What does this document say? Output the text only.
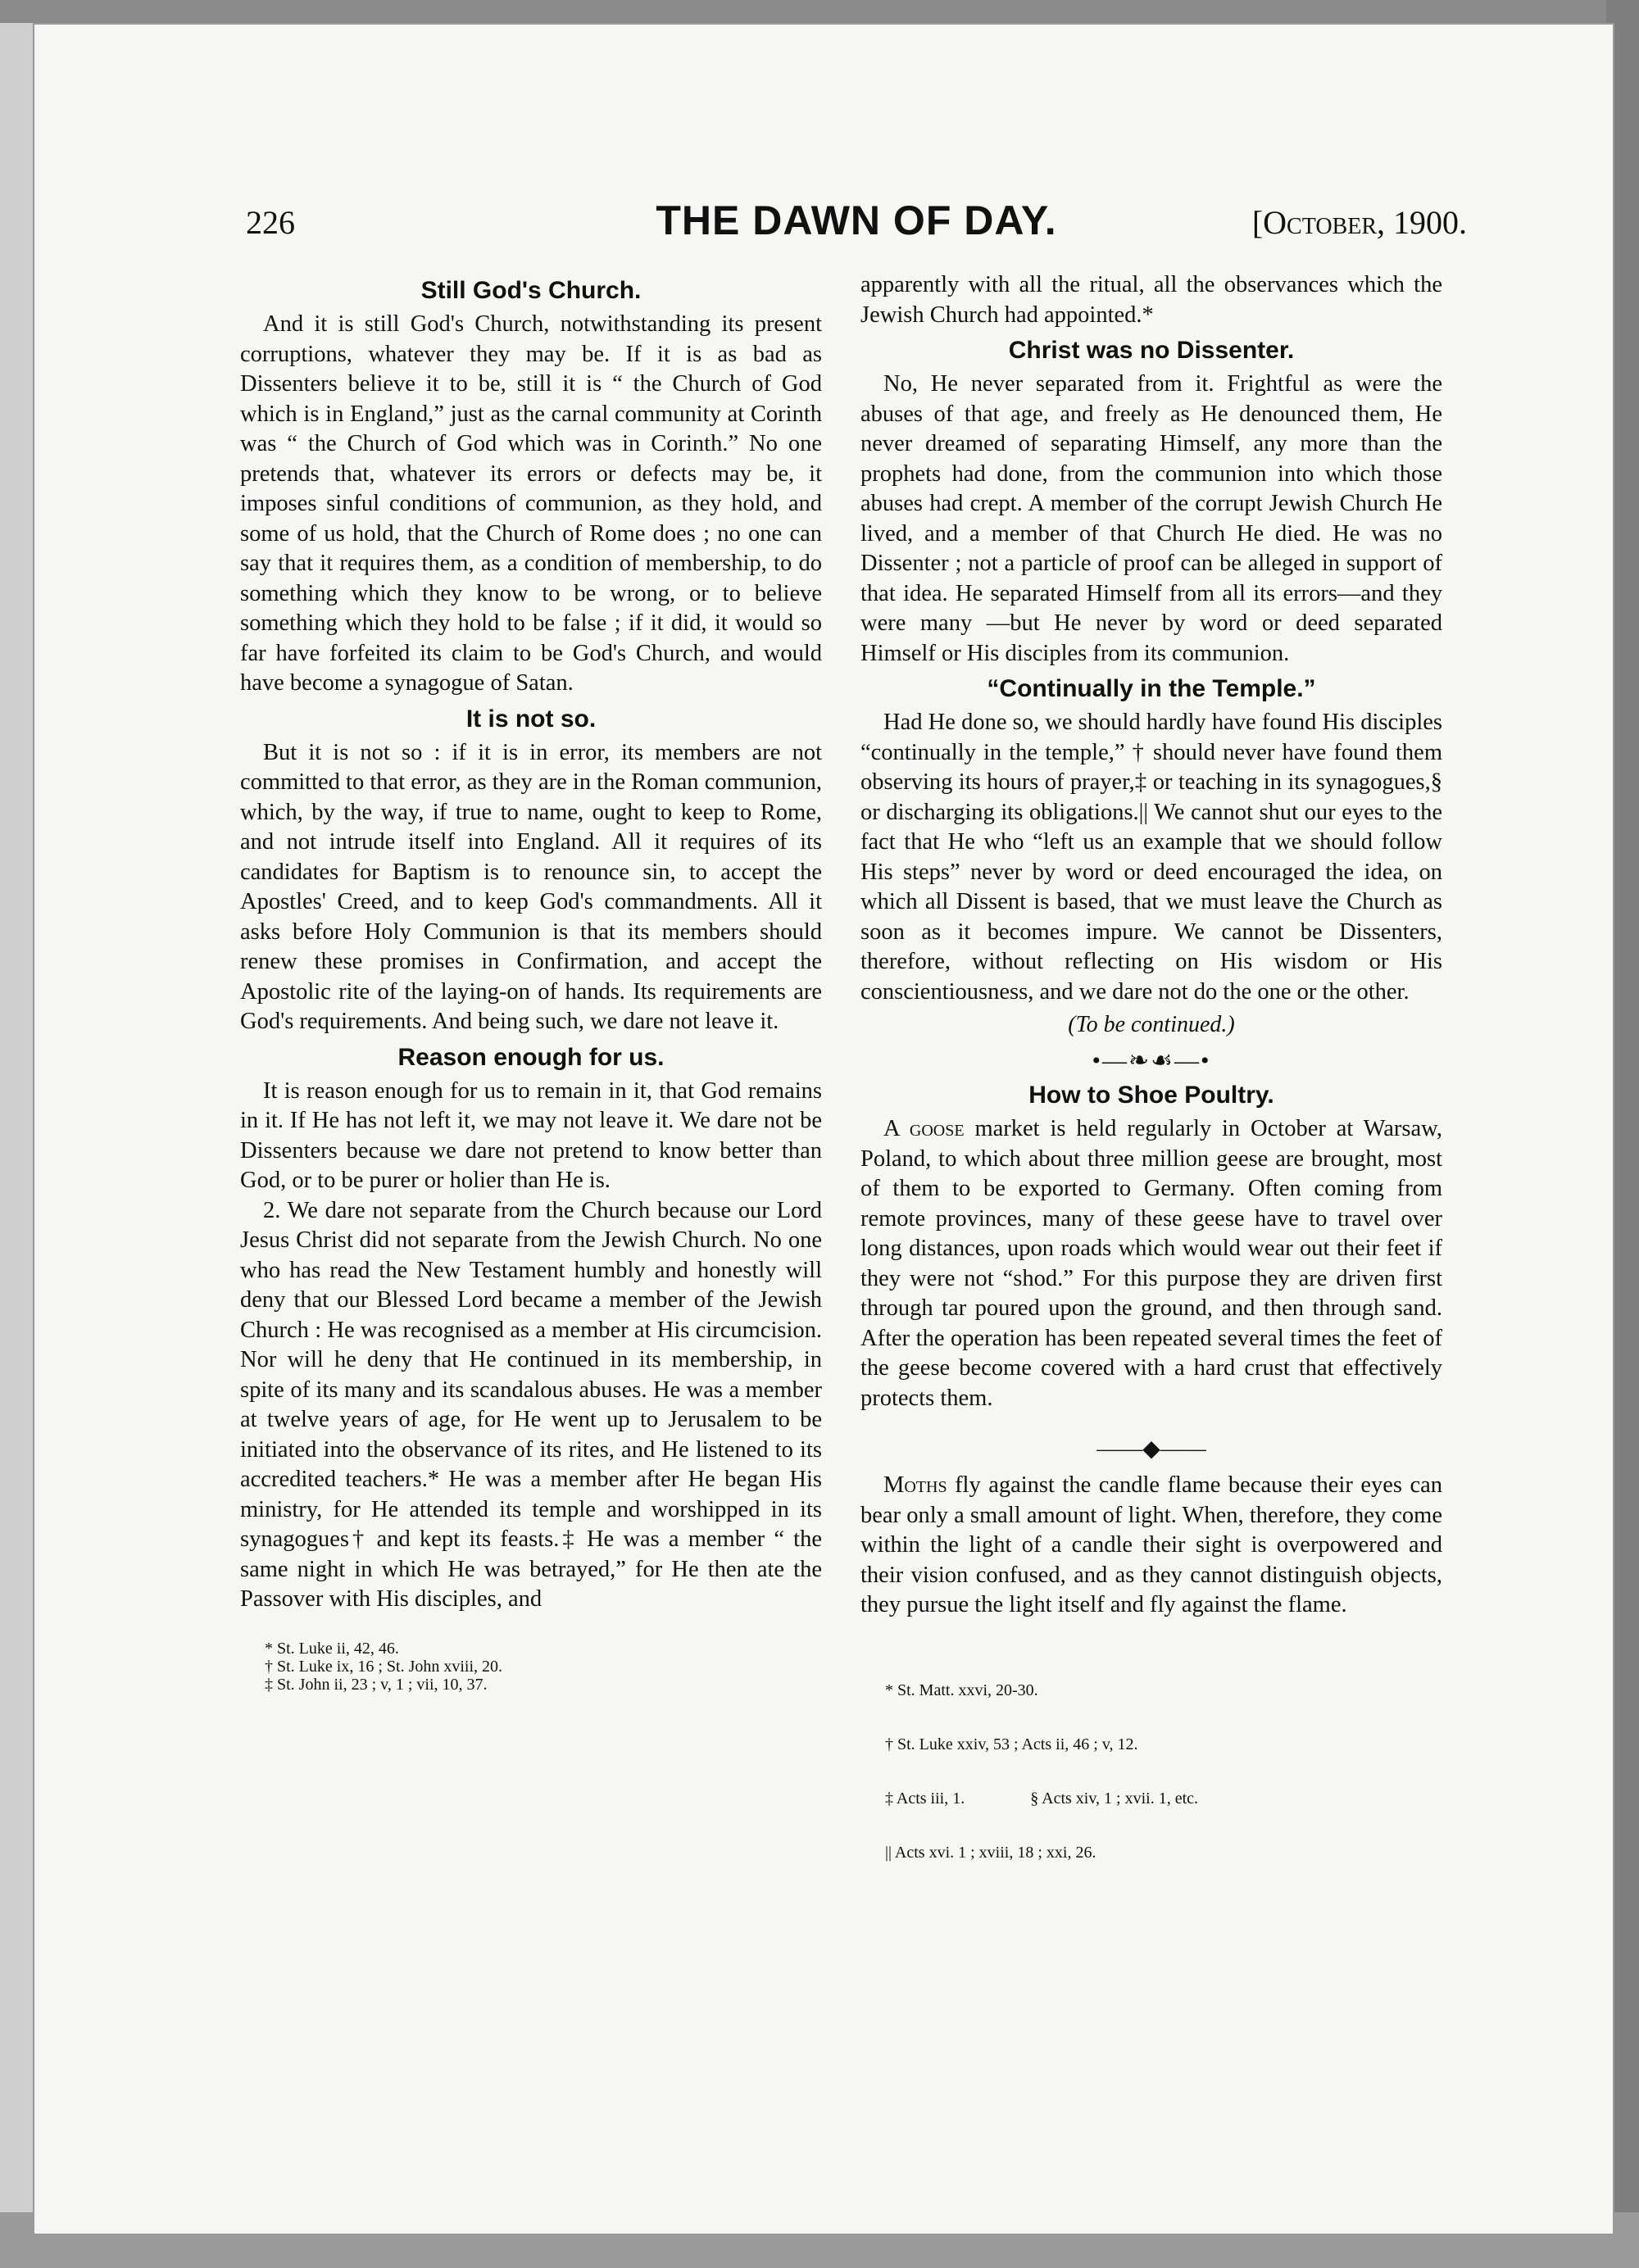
226	THE DAWN OF DAY.	[October, 1900.
Still God's Church.

And it is still God's Church, notwithstanding its present corruptions, whatever they may be. If it is as bad as Dissenters believe it to be, still it is “ the Church of God which is in England,” just as the carnal community at Corinth was “ the Church of God which was in Corinth.” No one pretends that, whatever its errors or defects may be, it imposes sinful conditions of communion, as they hold, and some of us hold, that the Church of Rome does ; no one can say that it requires them, as a condition of membership, to do something which they know to be wrong, or to believe something which they hold to be false ; if it did, it would so far have forfeited its claim to be God's Church, and would have become a synagogue of Satan.

It is not so.

But it is not so : if it is in error, its members are not committed to that error, as they are in the Roman communion, which, by the way, if true to name, ought to keep to Rome, and not intrude itself into England. All it requires of its candidates for Baptism is to renounce sin, to accept the Apostles' Creed, and to keep God's commandments. All it asks before Holy Communion is that its members should renew these promises in Confirmation, and accept the Apostolic rite of the laying-on of hands. Its requirements are God's requirements. And being such, we dare not leave it.

Reason enough for us.

It is reason enough for us to remain in it, that God remains in it. If He has not left it, we may not leave it. We dare not be Dissenters because we dare not pretend to know better than God, or to be purer or holier than He is.

2. We dare not separate from the Church because our Lord Jesus Christ did not separate from the Jewish Church. No one who has read the New Testament humbly and honestly will deny that our Blessed Lord became a member of the Jewish Church : He was recognised as a member at His circumcision. Nor will he deny that He continued in its membership, in spite of its many and its scandalous abuses. He was a member at twelve years of age, for He went up to Jerusalem to be initiated into the observance of its rites, and He listened to its accredited teachers.* He was a member after He began His ministry, for He attended its temple and worshipped in its synagogues† and kept its feasts.‡ He was a member “ the same night in which He was betrayed,” for He then ate the Passover with His disciples, and

* St. Luke ii, 42, 46.
† St. Luke ix, 16 ; St. John xviii, 20.
‡ St. John ii, 23 ; v, 1 ; vii, 10, 37.

apparently with all the ritual, all the observances which the Jewish Church had appointed.*

Christ was no Dissenter.

No, He never separated from it. Frightful as were the abuses of that age, and freely as He denounced them, He never dreamed of separating Himself, any more than the prophets had done, from the communion into which those abuses had crept. A member of the corrupt Jewish Church He lived, and a member of that Church He died. He was no Dissenter ; not a particle of proof can be alleged in support of that idea. He separated Himself from all its errors—and they were many —but He never by word or deed separated Himself or His disciples from its communion.

“Continually in the Temple.”

Had He done so, we should hardly have found His disciples “continually in the temple,” † should never have found them observing its hours of prayer,‡ or teaching in its synagogues,§ or discharging its obligations.|| We cannot shut our eyes to the fact that He who “left us an example that we should follow His steps” never by word or deed encouraged the idea, on which all Dissent is based, that we must leave the Church as soon as it becomes impure. We cannot be Dissenters, therefore, without reflecting on His wisdom or His conscientiousness, and we dare not do the one or the other.

(To be continued.)
•—❧☙—•
How to Shoe Poultry.

A goose market is held regularly in October at Warsaw, Poland, to which about three million geese are brought, most of them to be exported to Germany. Often coming from remote provinces, many of these geese have to travel over long distances, upon roads which would wear out their feet if they were not “shod.” For this purpose they are driven first through tar poured upon the ground, and then through sand. After the operation has been repeated several times the feet of the geese become covered with a hard crust that effectively protects them.

——◆——

Moths fly against the candle flame because their eyes can bear only a small amount of light. When, therefore, they come within the light of a candle their sight is overpowered and their vision confused, and as they cannot distinguish objects, they pursue the light itself and fly against the flame.

* St. Matt. xxvi, 20-30.

† St. Luke xxiv, 53 ; Acts ii, 46 ; v, 12.

‡ Acts iii, 1.                § Acts xiv, 1 ; xvii. 1, etc.

|| Acts xvi. 1 ; xviii, 18 ; xxi, 26.
